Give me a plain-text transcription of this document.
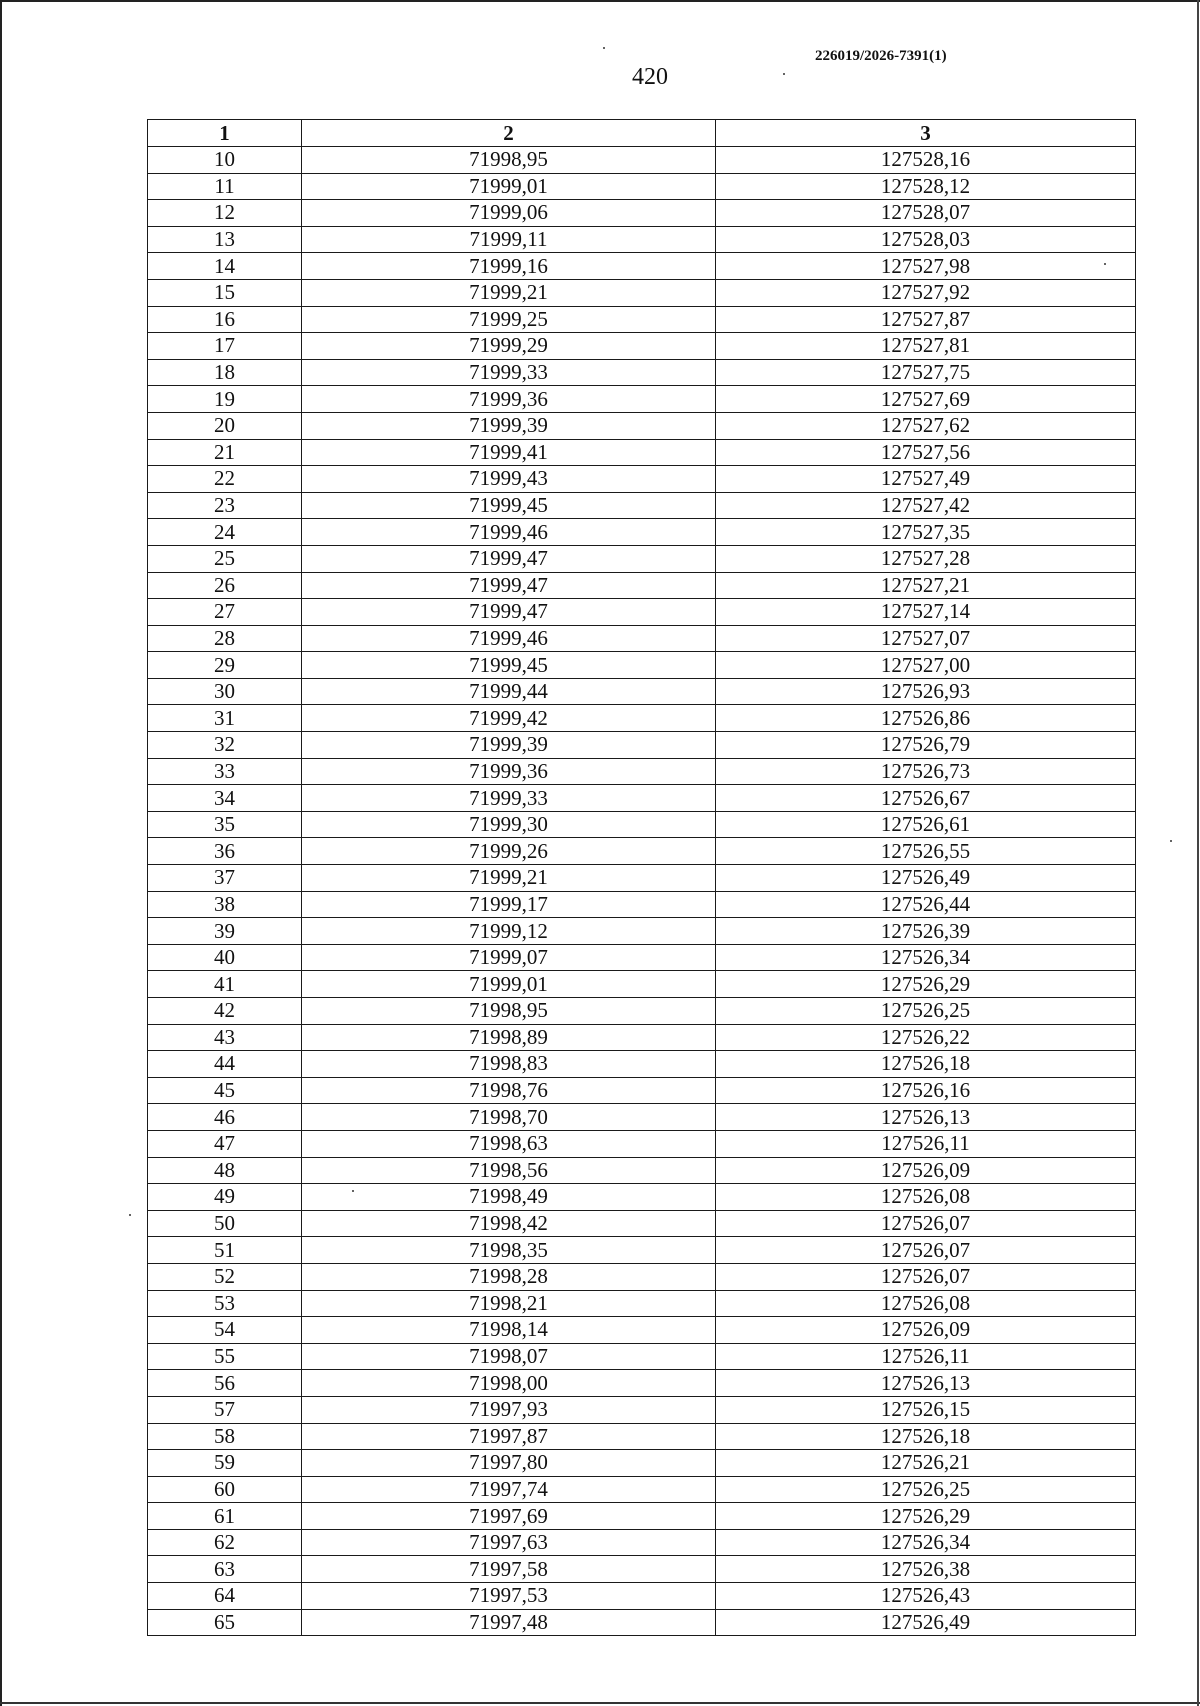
420
226019/2026-7391(1)
1	2	3
10	71998,95	127528,16
11	71999,01	127528,12
12	71999,06	127528,07
13	71999,11	127528,03
14	71999,16	127527,98
15	71999,21	127527,92
16	71999,25	127527,87
17	71999,29	127527,81
18	71999,33	127527,75
19	71999,36	127527,69
20	71999,39	127527,62
21	71999,41	127527,56
22	71999,43	127527,49
23	71999,45	127527,42
24	71999,46	127527,35
25	71999,47	127527,28
26	71999,47	127527,21
27	71999,47	127527,14
28	71999,46	127527,07
29	71999,45	127527,00
30	71999,44	127526,93
31	71999,42	127526,86
32	71999,39	127526,79
33	71999,36	127526,73
34	71999,33	127526,67
35	71999,30	127526,61
36	71999,26	127526,55
37	71999,21	127526,49
38	71999,17	127526,44
39	71999,12	127526,39
40	71999,07	127526,34
41	71999,01	127526,29
42	71998,95	127526,25
43	71998,89	127526,22
44	71998,83	127526,18
45	71998,76	127526,16
46	71998,70	127526,13
47	71998,63	127526,11
48	71998,56	127526,09
49	71998,49	127526,08
50	71998,42	127526,07
51	71998,35	127526,07
52	71998,28	127526,07
53	71998,21	127526,08
54	71998,14	127526,09
55	71998,07	127526,11
56	71998,00	127526,13
57	71997,93	127526,15
58	71997,87	127526,18
59	71997,80	127526,21
60	71997,74	127526,25
61	71997,69	127526,29
62	71997,63	127526,34
63	71997,58	127526,38
64	71997,53	127526,43
65	71997,48	127526,49
